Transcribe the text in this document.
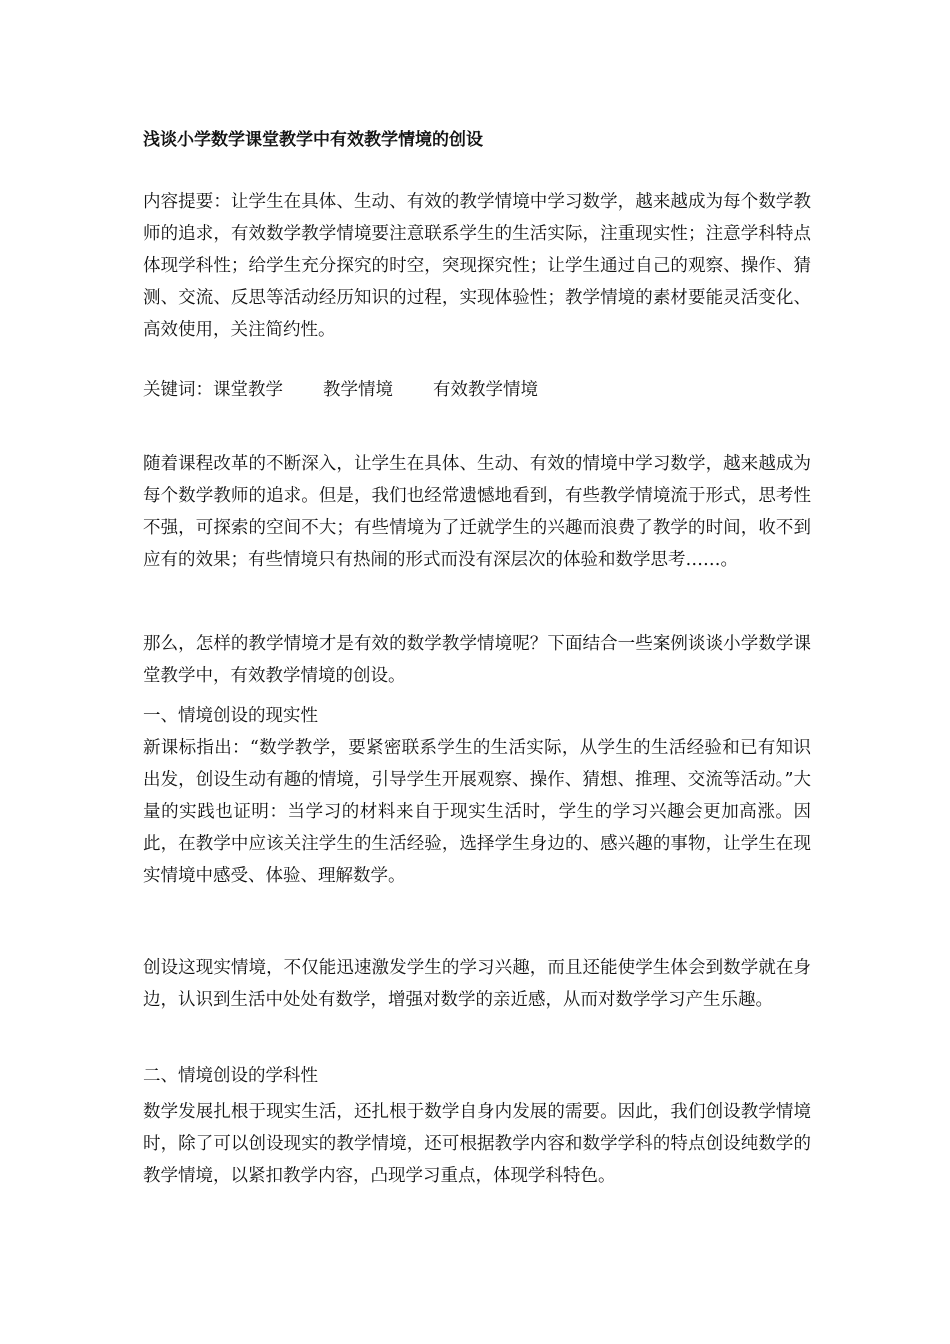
浅谈小学数学课堂教学中有效教学情境的创设

内容提要：让学生在具体、生动、有效的教学情境中学习数学，越来越成为每个数学教师的追求，有效数学教学情境要注意联系学生的生活实际，注重现实性；注意学科特点体现学科性；给学生充分探究的时空，突现探究性；让学生通过自己的观察、操作、猜测、交流、反思等活动经历知识的过程，实现体验性；教学情境的素材要能灵活变化、高效使用，关注简约性。

关键词：课堂教学 教学情境 有效教学情境

随着课程改革的不断深入，让学生在具体、生动、有效的情境中学习数学，越来越成为每个数学教师的追求。但是，我们也经常遗憾地看到，有些教学情境流于形式，思考性不强，可探索的空间不大；有些情境为了迁就学生的兴趣而浪费了教学的时间，收不到应有的效果；有些情境只有热闹的形式而没有深层次的体验和数学思考……。

那么，怎样的教学情境才是有效的数学教学情境呢？下面结合一些案例谈谈小学数学课堂教学中，有效教学情境的创设。

一、情境创设的现实性

新课标指出：“数学教学，要紧密联系学生的生活实际，从学生的生活经验和已有知识出发，创设生动有趣的情境，引导学生开展观察、操作、猜想、推理、交流等活动。”大量的实践也证明：当学习的材料来自于现实生活时，学生的学习兴趣会更加高涨。因此，在教学中应该关注学生的生活经验，选择学生身边的、感兴趣的事物，让学生在现实情境中感受、体验、理解数学。

创设这现实情境，不仅能迅速激发学生的学习兴趣，而且还能使学生体会到数学就在身边，认识到生活中处处有数学，增强对数学的亲近感，从而对数学学习产生乐趣。

二、情境创设的学科性

数学发展扎根于现实生活，还扎根于数学自身内发展的需要。因此，我们创设教学情境时，除了可以创设现实的教学情境，还可根据教学内容和数学学科的特点创设纯数学的教学情境，以紧扣教学内容，凸现学习重点，体现学科特色。
